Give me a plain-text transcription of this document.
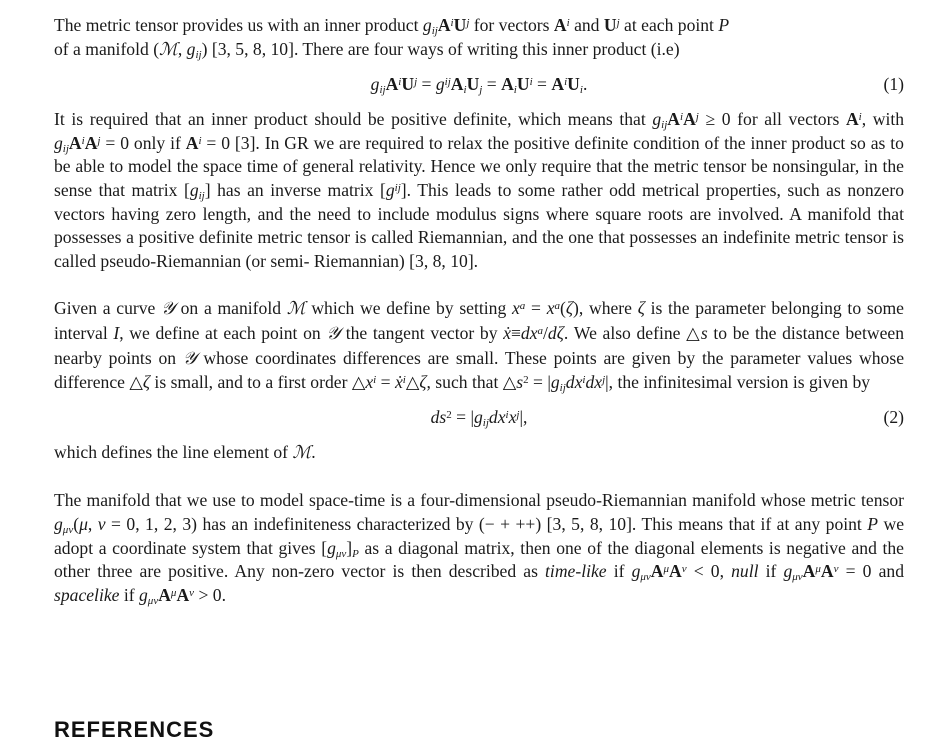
The metric tensor provides us with an inner product $g_{ij}A^iU^j$ for vectors $A^i$ and $U^j$ at each point P
of a manifold (ℳ, $g_{ij}$) [3, 5, 8, 10]. There are four ways of writing this inner product (i.e)

$g_{ij}A^iU^j = g^{ij}A_iU_j = A_iU^i = A^iU_i$.	(1)

It is required that an inner product should be positive definite, which means that $g_{ij}A^iA^j \ge 0$ for all vectors $A^i$, with $g_{ij}A^iA^j = 0$ only if $A^i = 0$ [3]. In GR we are required to relax the positive definite condition of the inner product so as to be able to model the space time of general relativity. Hence we only require that the metric tensor be nonsingular, in the sense that matrix $[g_{ij}]$ has an inverse matrix $[g^{ij}]$. This leads to some rather odd metrical properties, such as nonzero vectors having zero length, and the need to include modulus signs where square roots are involved. A manifold that possesses a positive definite metric tensor is called Riemannian, and the one that possesses an indefinite metric tensor is called pseudo-Riemannian (or semi- Riemannian) [3, 8, 10].

Given a curve 𝒴 on a manifold ℳ which we define by setting $x^a = x^a(\zeta)$, where ζ is the parameter belonging to some interval I, we define at each point on 𝒴 the tangent vector by $ẋ\equiv dx^a/d\zeta$. We also define △s to be the distance between nearby points on 𝒴 whose coordinates differences are small. These points are given by the parameter values whose difference △ζ is small, and to a first order $\triangle x^i$ = ẋ$^i$△ζ, such that $\triangle s^2 = |g_{ij}dx^idx^j|$, the infinitesimal version is given by

$ds^2 = |g_{ij}dx^ix^j|$,	(2)

which defines the line element of ℳ.

The manifold that we use to model space-time is a four-dimensional pseudo-Riemannian manifold whose metric tensor $g_{\mu\nu}(\mu$, ν = 0, 1, 2, 3) has an indefiniteness characterized by (− + ++) [3, 5, 8, 10]. This means that if at any point P we adopt a coordinate system that gives $[g_{\mu\nu}]_P$ as a diagonal matrix, then one of the diagonal elements is negative and the other three are positive. Any non-zero vector is then described as time-like if $g_{\mu\nu}A^\mu A^\nu < 0$, null if $g_{\mu\nu}A^\mu A^\nu = 0$ and spacelike if $g_{\mu\nu}A^\mu A^\nu > 0$.

REFERENCES
